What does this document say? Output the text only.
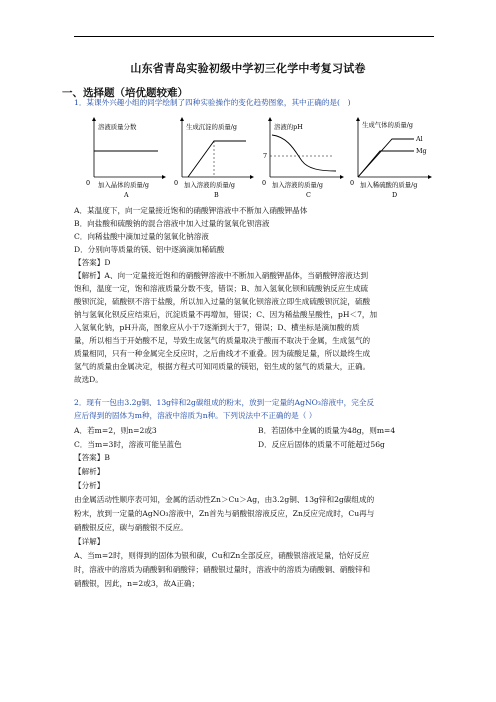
山东省青岛实验初级中学初三化学中考复习试卷
一、选择题（培优题较难）
1．某课外兴趣小组的同学绘制了四种实验操作的变化趋势图象，其中正确的是(　)
溶液质量分数
0 加入晶体的质量/g
A
生成沉淀的质量/g
0 加入溶液的质量/g
B
溶液的pH
0
7
加入溶液的质量/g
C
生成气体的质量/g
0
Al
Mg
加入稀硫酸的质量/g
D
A．某温度下，向一定量接近饱和的硝酸钾溶液中不断加入硝酸钾晶体
B．向盐酸和硫酸钠的混合溶液中加入过量的氢氧化钡溶液
C．向稀盐酸中滴加过量的氢氧化钠溶液
D．分别向等质量的镁、铝中逐滴滴加稀硫酸
【答案】D
【解析】A、向一定量接近饱和的硝酸钾溶液中不断加入硝酸钾晶体，当硝酸钾溶液达到
饱和，温度一定，饱和溶液质量分数不变，错误；B、加入氢氧化钡和硫酸钠反应生成硫
酸钡沉淀，硫酸钡不溶于盐酸，所以加入过量的氢氧化钡溶液立即生成硫酸钡沉淀，硫酸
钠与氢氧化钡反应结束后，沉淀质量不再增加，错误；C、因为稀盐酸呈酸性，pH＜7，加
入氢氧化钠，pH升高，图象应从小于7逐渐到大于7，错误；D、横坐标是滴加酸的质
量，所以相当于开始酸不足，导致生成氢气的质量取决于酸而不取决于金属，生成氢气的
质量相同，只有一种金属完全反应时，之后曲线才不重叠。因为硫酸足量，所以最终生成
氢气的质量由金属决定，根据方程式可知同质量的镁铝，铝生成的氢气的质量大，正确。
故选D。
2．现有一包由3.2g铜、13g锌和2g碳组成的粉末，放到一定量的AgNO₃溶液中，完全反
应后得到的固体为m种，溶液中溶质为n种。下列说法中不正确的是（ ）
A．若m=2，则n=2或3	B．若固体中金属的质量为48g，则m=4
C．当m=3时，溶液可能呈蓝色	D．反应后固体的质量不可能超过56g
【答案】B
【解析】
【分析】
由金属活动性顺序表可知，金属的活动性Zn＞Cu＞Ag，由3.2g铜、13g锌和2g碳组成的
粉末，放到一定量的AgNO₃溶液中，Zn首先与硝酸银溶液反应，Zn反应完成时，Cu再与
硝酸银反应，碳与硝酸银不反应。
【详解】
A、当m=2时，则得到的固体为银和碳，Cu和Zn全部反应，硝酸银溶液足量，恰好反应
时，溶液中的溶质为硝酸铜和硝酸锌；硝酸银过量时，溶液中的溶质为硝酸铜、硝酸锌和
硝酸银，因此，n=2或3，故A正确；
